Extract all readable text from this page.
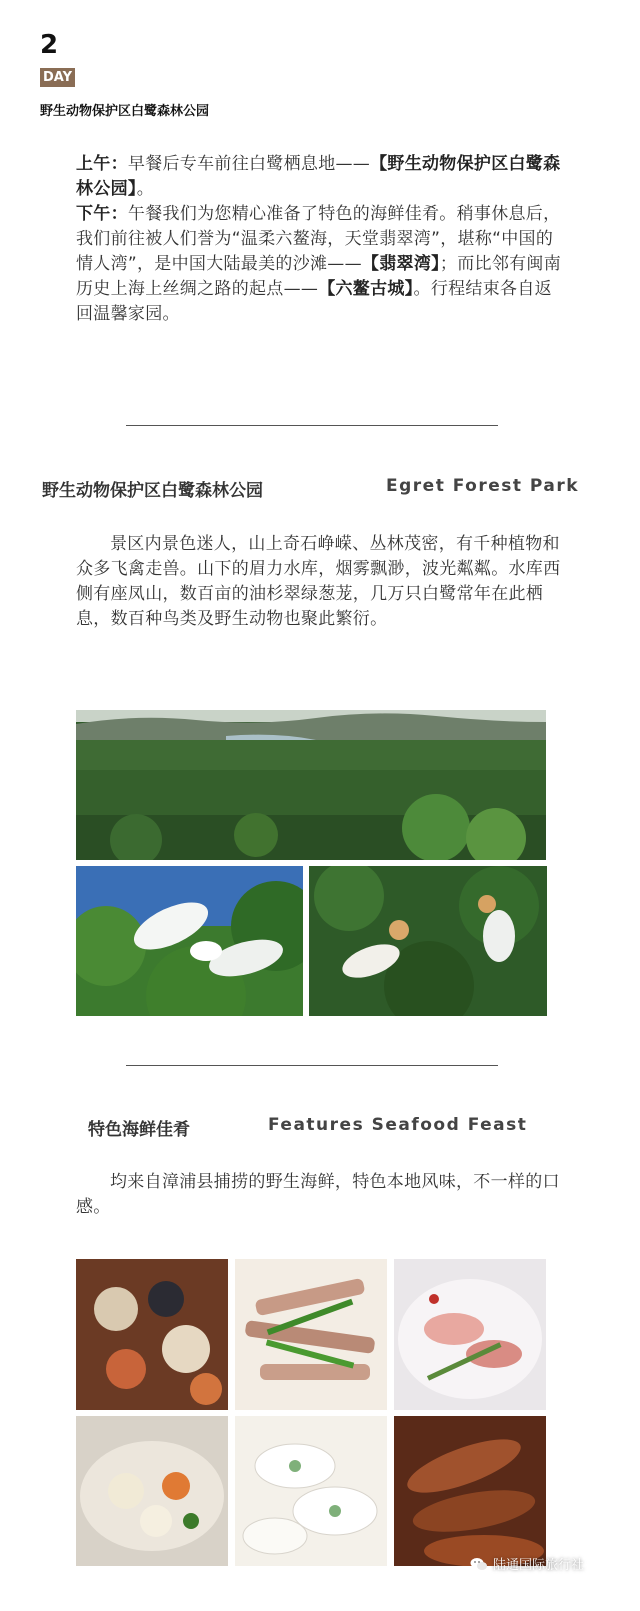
2
DAY
野生动物保护区白鹭森林公园
上午：早餐后专车前往白鹭栖息地——【野生动物保护区白鹭森林公园】。
下午：午餐我们为您精心准备了特色的海鲜佳肴。稍事休息后，我们前往被人们誉为“温柔六鳌海，天堂翡翠湾”，堪称“中国的情人湾”，是中国大陆最美的沙滩——【翡翠湾】；而比邻有闽南历史上海上丝绸之路的起点——【六鳌古城】。行程结束各自返回温馨家园。
野生动物保护区白鹭森林公园	Egret Forest Park
景区内景色迷人，山上奇石峥嵘、丛林茂密，有千种植物和众多飞禽走兽。山下的眉力水库，烟雾飘渺，波光粼粼。水库西侧有座凤山，数百亩的油杉翠绿葱茏，几万只白鹭常年在此栖息，数百种鸟类及野生动物也聚此繁衍。
特色海鲜佳肴	Features Seafood Feast
均来自漳浦县捕捞的野生海鲜，特色本地风味，不一样的口感。
陆通国际旅行社
